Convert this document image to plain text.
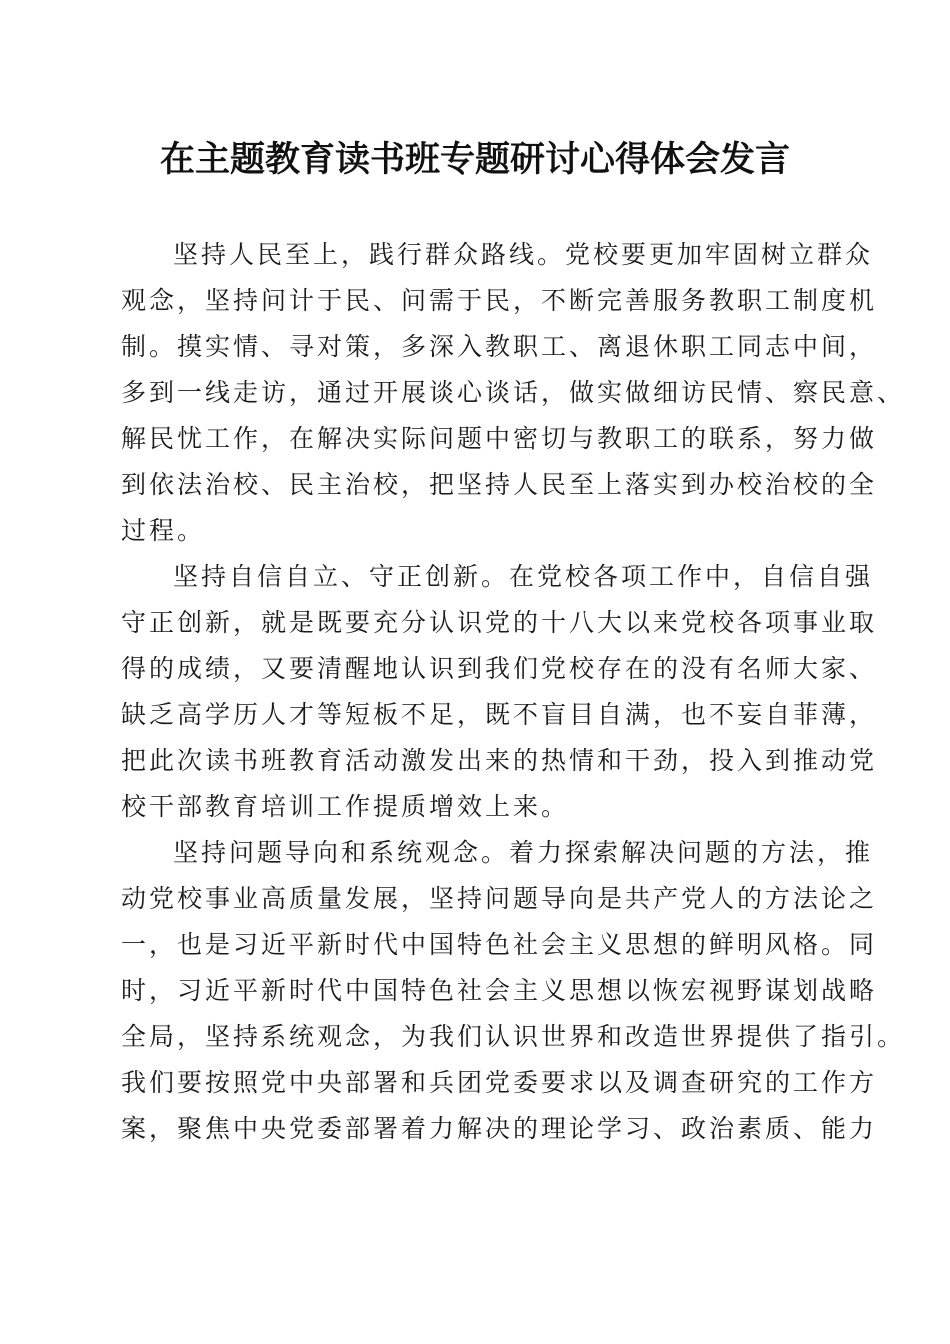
在主题教育读书班专题研讨心得体会发言

坚持人民至上，践行群众路线。党校要更加牢固树立群众
观念，坚持问计于民、问需于民，不断完善服务教职工制度机
制。摸实情、寻对策，多深入教职工、离退休职工同志中间，
多到一线走访，通过开展谈心谈话，做实做细访民情、察民意、
解民忧工作，在解决实际问题中密切与教职工的联系，努力做
到依法治校、民主治校，把坚持人民至上落实到办校治校的全
过程。

坚持自信自立、守正创新。在党校各项工作中，自信自强
守正创新，就是既要充分认识党的十八大以来党校各项事业取
得的成绩，又要清醒地认识到我们党校存在的没有名师大家、
缺乏高学历人才等短板不足，既不盲目自满，也不妄自菲薄，
把此次读书班教育活动激发出来的热情和干劲，投入到推动党
校干部教育培训工作提质增效上来。

坚持问题导向和系统观念。着力探索解决问题的方法，推
动党校事业高质量发展，坚持问题导向是共产党人的方法论之
一，也是习近平新时代中国特色社会主义思想的鲜明风格。同
时，习近平新时代中国特色社会主义思想以恢宏视野谋划战略
全局，坚持系统观念，为我们认识世界和改造世界提供了指引。
我们要按照党中央部署和兵团党委要求以及调查研究的工作方
案，聚焦中央党委部署着力解决的理论学习、政治素质、能力
